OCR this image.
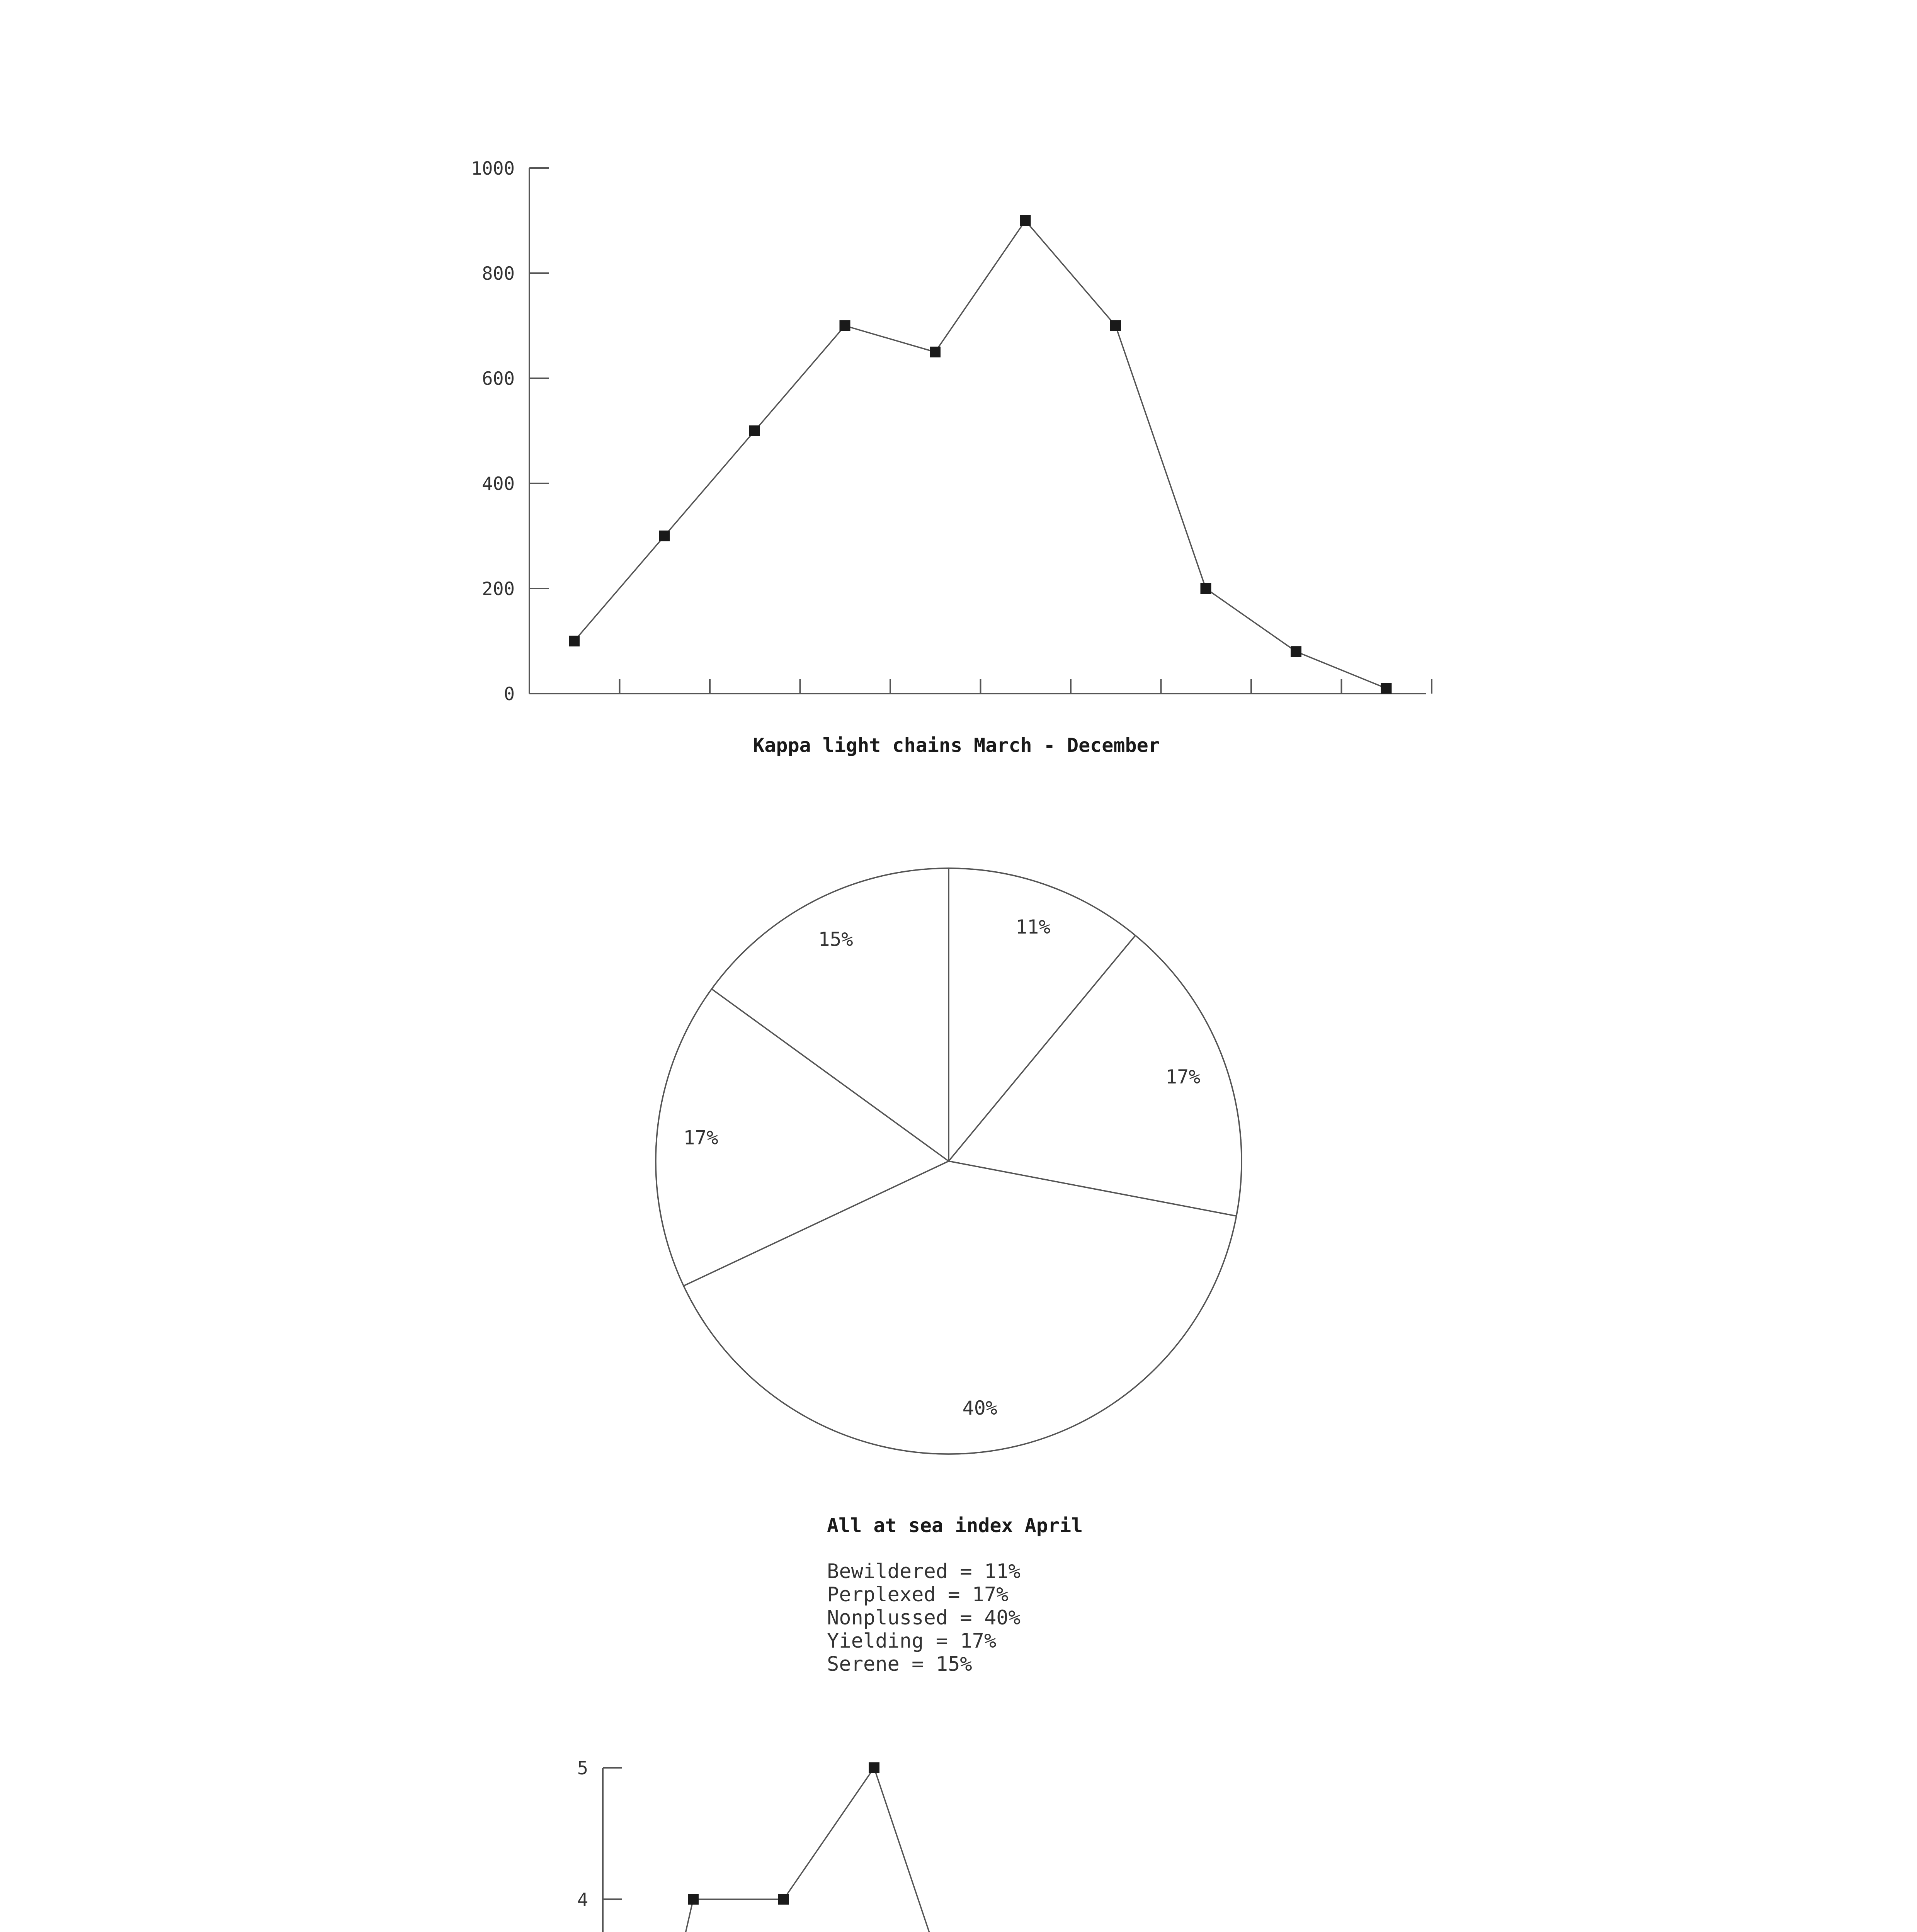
Kappa light chains March - December
0
200
400
600
800
1000
All at sea index April
Bewildered = 11%
Perplexed = 17%
Nonplussed = 40%
Yielding = 17%
Serene = 15%
11%
17%
40%
17%
15%
4
5
